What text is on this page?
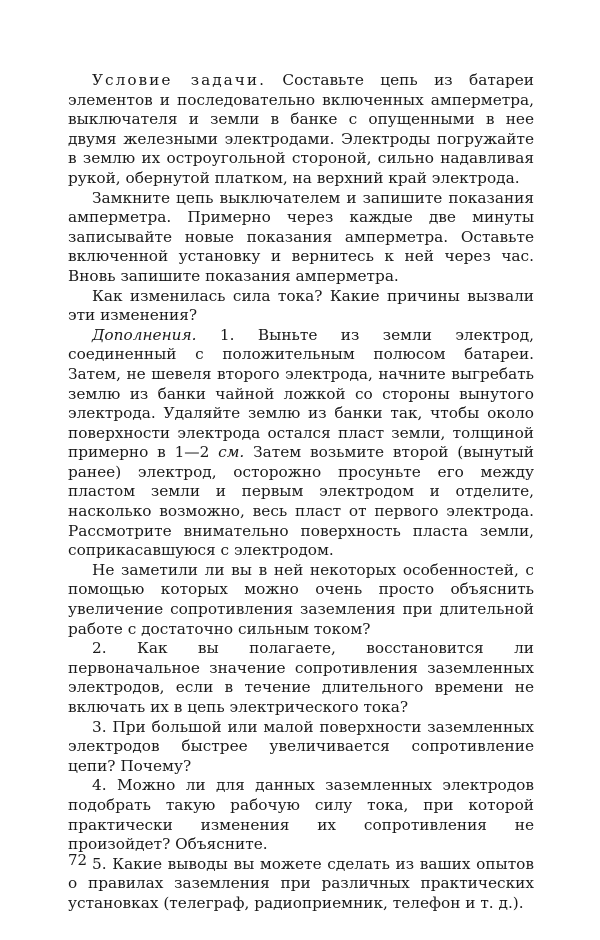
Условие задачи. Составьте цепь из батареи элементов и последовательно включенных амперметра, выключателя и земли в банке с опущенными в нее двумя железными электродами. Электроды погружайте в землю их остроугольной стороной, сильно надавливая рукой, обернутой платком, на верхний край электрода.

Замкните цепь выключателем и запишите показания амперметра. Примерно через каждые две минуты записывайте новые показания амперметра. Оставьте включенной установку и вернитесь к ней через час. Вновь запишите показания амперметра.

Как изменилась сила тока? Какие причины вызвали эти изменения?

Дополнения. 1. Выньте из земли электрод, соединенный с положительным полюсом батареи. Затем, не шевеля второго электрода, начните выгребать землю из банки чайной ложкой со стороны вынутого электрода. Удаляйте землю из банки так, чтобы около поверхности электрода остался пласт земли, толщиной примерно в 1—2 см. Затем возьмите второй (вынутый ранее) электрод, осторожно просуньте его между пластом земли и первым электродом и отделите, насколько возможно, весь пласт от первого электрода. Рассмотрите внимательно поверхность пласта земли, соприкасавшуюся с электродом.

Не заметили ли вы в ней некоторых особенностей, с помощью которых можно очень просто объяснить увеличение сопротивления заземления при длительной работе с достаточно сильным током?

2. Как вы полагаете, восстановится ли первоначальное значение сопротивления заземленных электродов, если в течение длительного времени не включать их в цепь электрического тока?

3. При большой или малой поверхности заземленных электродов быстрее увеличивается сопротивление цепи? Почему?

4. Можно ли для данных заземленных электродов подобрать такую рабочую силу тока, при которой практически изменения их сопротивления не произойдет? Объясните.

5. Какие выводы вы можете сделать из ваших опытов о правилах заземления при различных практических установках (телеграф, радиоприемник, телефон и т. д.).

72
